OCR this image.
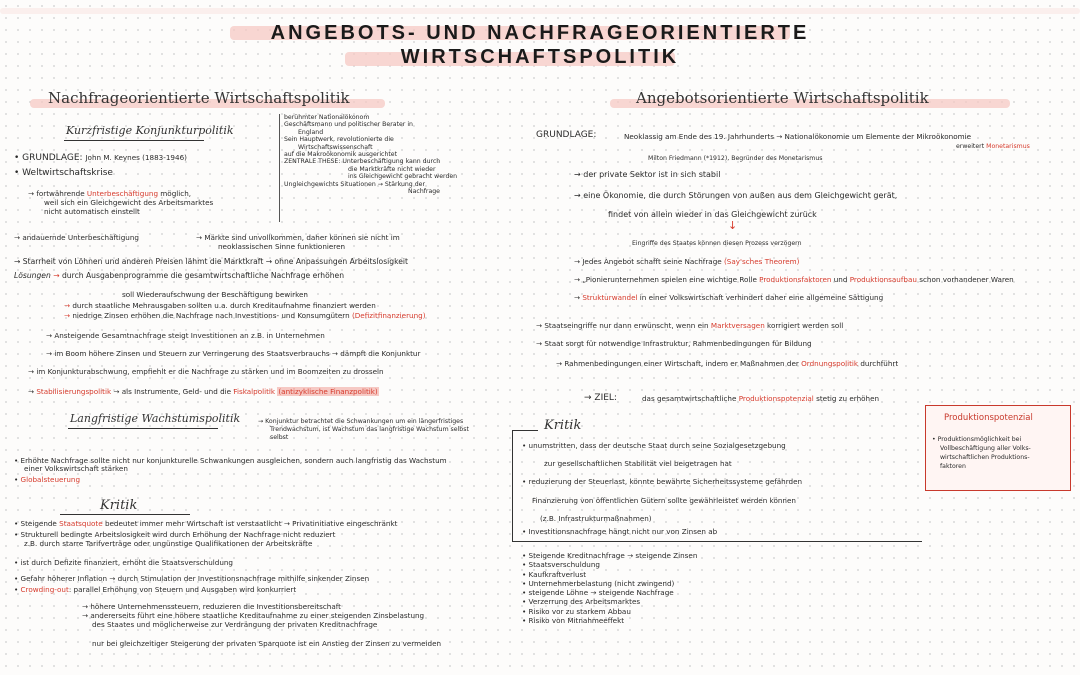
ANGEBOTS- UND NACHFRAGEORIENTIERTE
WIRTSCHAFTSPOLITIK
Nachfrageorientierte Wirtschaftspolitik	Angebotsorientierte Wirtschaftspolitik
Kurzfristige Konjunkturpolitik
• GRUNDLAGE: John M. Keynes (1883-1946)
• Weltwirtschaftskrise
→ fortwährende Unterbeschäftigung möglich,
weil sich ein Gleichgewicht des Arbeitsmarktes
nicht automatisch einstellt
berühmter Nationalökonom
Geschäftsmann und politischer Berater in
England
Sein Hauptwerk, revolutionierte die
Wirtschaftswissenschaft
auf die Makroökonomik ausgerichtet
ZENTRALE THESE: Unterbeschäftigung kann durch
die Marktkräfte nicht wieder
ins Gleichgewicht gebracht werden
Ungleichgewichts Situationen → Stärkung der
Nachfrage
→ andauernde Unterbeschäftigung	→ Märkte sind unvollkommen, daher können sie nicht im
neoklassischen Sinne funktionieren
→ Starrheit von Löhnen und anderen Preisen lähmt die Marktkraft → ohne Anpassungen Arbeitslosigkeit
Lösungen → durch Ausgabenprogramme die gesamtwirtschaftliche Nachfrage erhöhen
soll Wiederaufschwung der Beschäftigung bewirken
→ durch staatliche Mehrausgaben sollten u.a. durch Kreditaufnahme finanziert werden
→ niedrige Zinsen erhöhen die Nachfrage nach Investitions- und Konsumgütern (Defizitfinanzierung)
→ Ansteigende Gesamtnachfrage steigt Investitionen an z.B. in Unternehmen
→ im Boom höhere Zinsen und Steuern zur Verringerung des Staatsverbrauchs → dämpft die Konjunktur
→ im Konjunkturabschwung, empfiehlt er die Nachfrage zu stärken und im Boomzeiten zu drosseln
→ Stabilisierungspolitik → als Instrumente, Geld- und die Fiskalpolitik (antizyklische Finanzpolitik)
Langfristige Wachstumspolitik	→ Konjunktur betrachtet die Schwankungen um ein längerfristiges
Trendwachstum, ist Wachstum das langfristige Wachstum selbst
selbst
• Erhöhte Nachfrage sollte nicht nur konjunkturelle Schwankungen ausgleichen, sondern auch langfristig das Wachstum
einer Volkswirtschaft stärken
• Globalsteuerung
Kritik
• Steigende Staatsquote bedeutet immer mehr Wirtschaft ist verstaatlicht → Privatinitiative eingeschränkt
• Strukturell bedingte Arbeitslosigkeit wird durch Erhöhung der Nachfrage nicht reduziert
z.B. durch starre Tarifverträge oder ungünstige Qualifikationen der Arbeitskräfte
• ist durch Defizite finanziert, erhöht die Staatsverschuldung
• Gefahr höherer Inflation → durch Stimulation der Investitionsnachfrage mithilfe sinkender Zinsen
• Crowding-out: parallel Erhöhung von Steuern und Ausgaben wird konkurriert
→ höhere Unternehmenssteuern, reduzieren die Investitionsbereitschaft
→ andererseits führt eine höhere staatliche Kreditaufnahme zu einer steigenden Zinsbelastung
des Staates und möglicherweise zur Verdrängung der privaten Kreditnachfrage
nur bei gleichzeitiger Steigerung der privaten Sparquote ist ein Anstieg der Zinsen zu vermeiden
GRUNDLAGE:	Neoklassig am Ende des 19. Jahrhunderts → Nationalökonomie um Elemente der Mikroökonomie
erweitert Monetarismus
Milton Friedmann (*1912), Begründer des Monetarismus
→ der private Sektor ist in sich stabil
→ eine Ökonomie, die durch Störungen von außen aus dem Gleichgewicht gerät,
findet von allein wieder in das Gleichgewicht zurück
↓
Eingriffe des Staates können diesen Prozess verzögern
→ Jedes Angebot schafft seine Nachfrage (Say'sches Theorem)
→ „Pionierunternehmen spielen eine wichtige Rolle Produktionsfaktoren und Produktionsaufbau schon vorhandener Waren
→ Strukturwandel in einer Volkswirtschaft verhindert daher eine allgemeine Sättigung
→ Staatseingriffe nur dann erwünscht, wenn ein Marktversagen korrigiert werden soll
→ Staat sorgt für notwendige Infrastruktur, Rahmenbedingungen für Bildung
→ Rahmenbedingungen einer Wirtschaft, indem er Maßnahmen der Ordnungspolitik durchführt
→ ZIEL:	das gesamtwirtschaftliche Produktionspotenzial stetig zu erhöhen
Kritik
• unumstritten, dass der deutsche Staat durch seine Sozialgesetzgebung
zur gesellschaftlichen Stabilität viel beigetragen hat
• reduzierung der Steuerlast, könnte bewährte Sicherheitssysteme gefährden
Finanzierung von öffentlichen Gütern sollte gewährleistet werden können
(z.B. Infrastrukturmaßnahmen)
• Investitionsnachfrage hängt nicht nur von Zinsen ab
• Steigende Kreditnachfrage → steigende Zinsen
• Staatsverschuldung
• Kaufkraftverlust
• Unternehmerbelastung (nicht zwingend)
• steigende Löhne → steigende Nachfrage
• Verzerrung des Arbeitsmarktes
• Risiko vor zu starkem Abbau
• Risiko von Mitnahmeeffekt
Produktionspotenzial
• Produktionsmöglichkeit bei
Vollbeschäftigung aller Volks-
wirtschaftlichen Produktions-
faktoren
